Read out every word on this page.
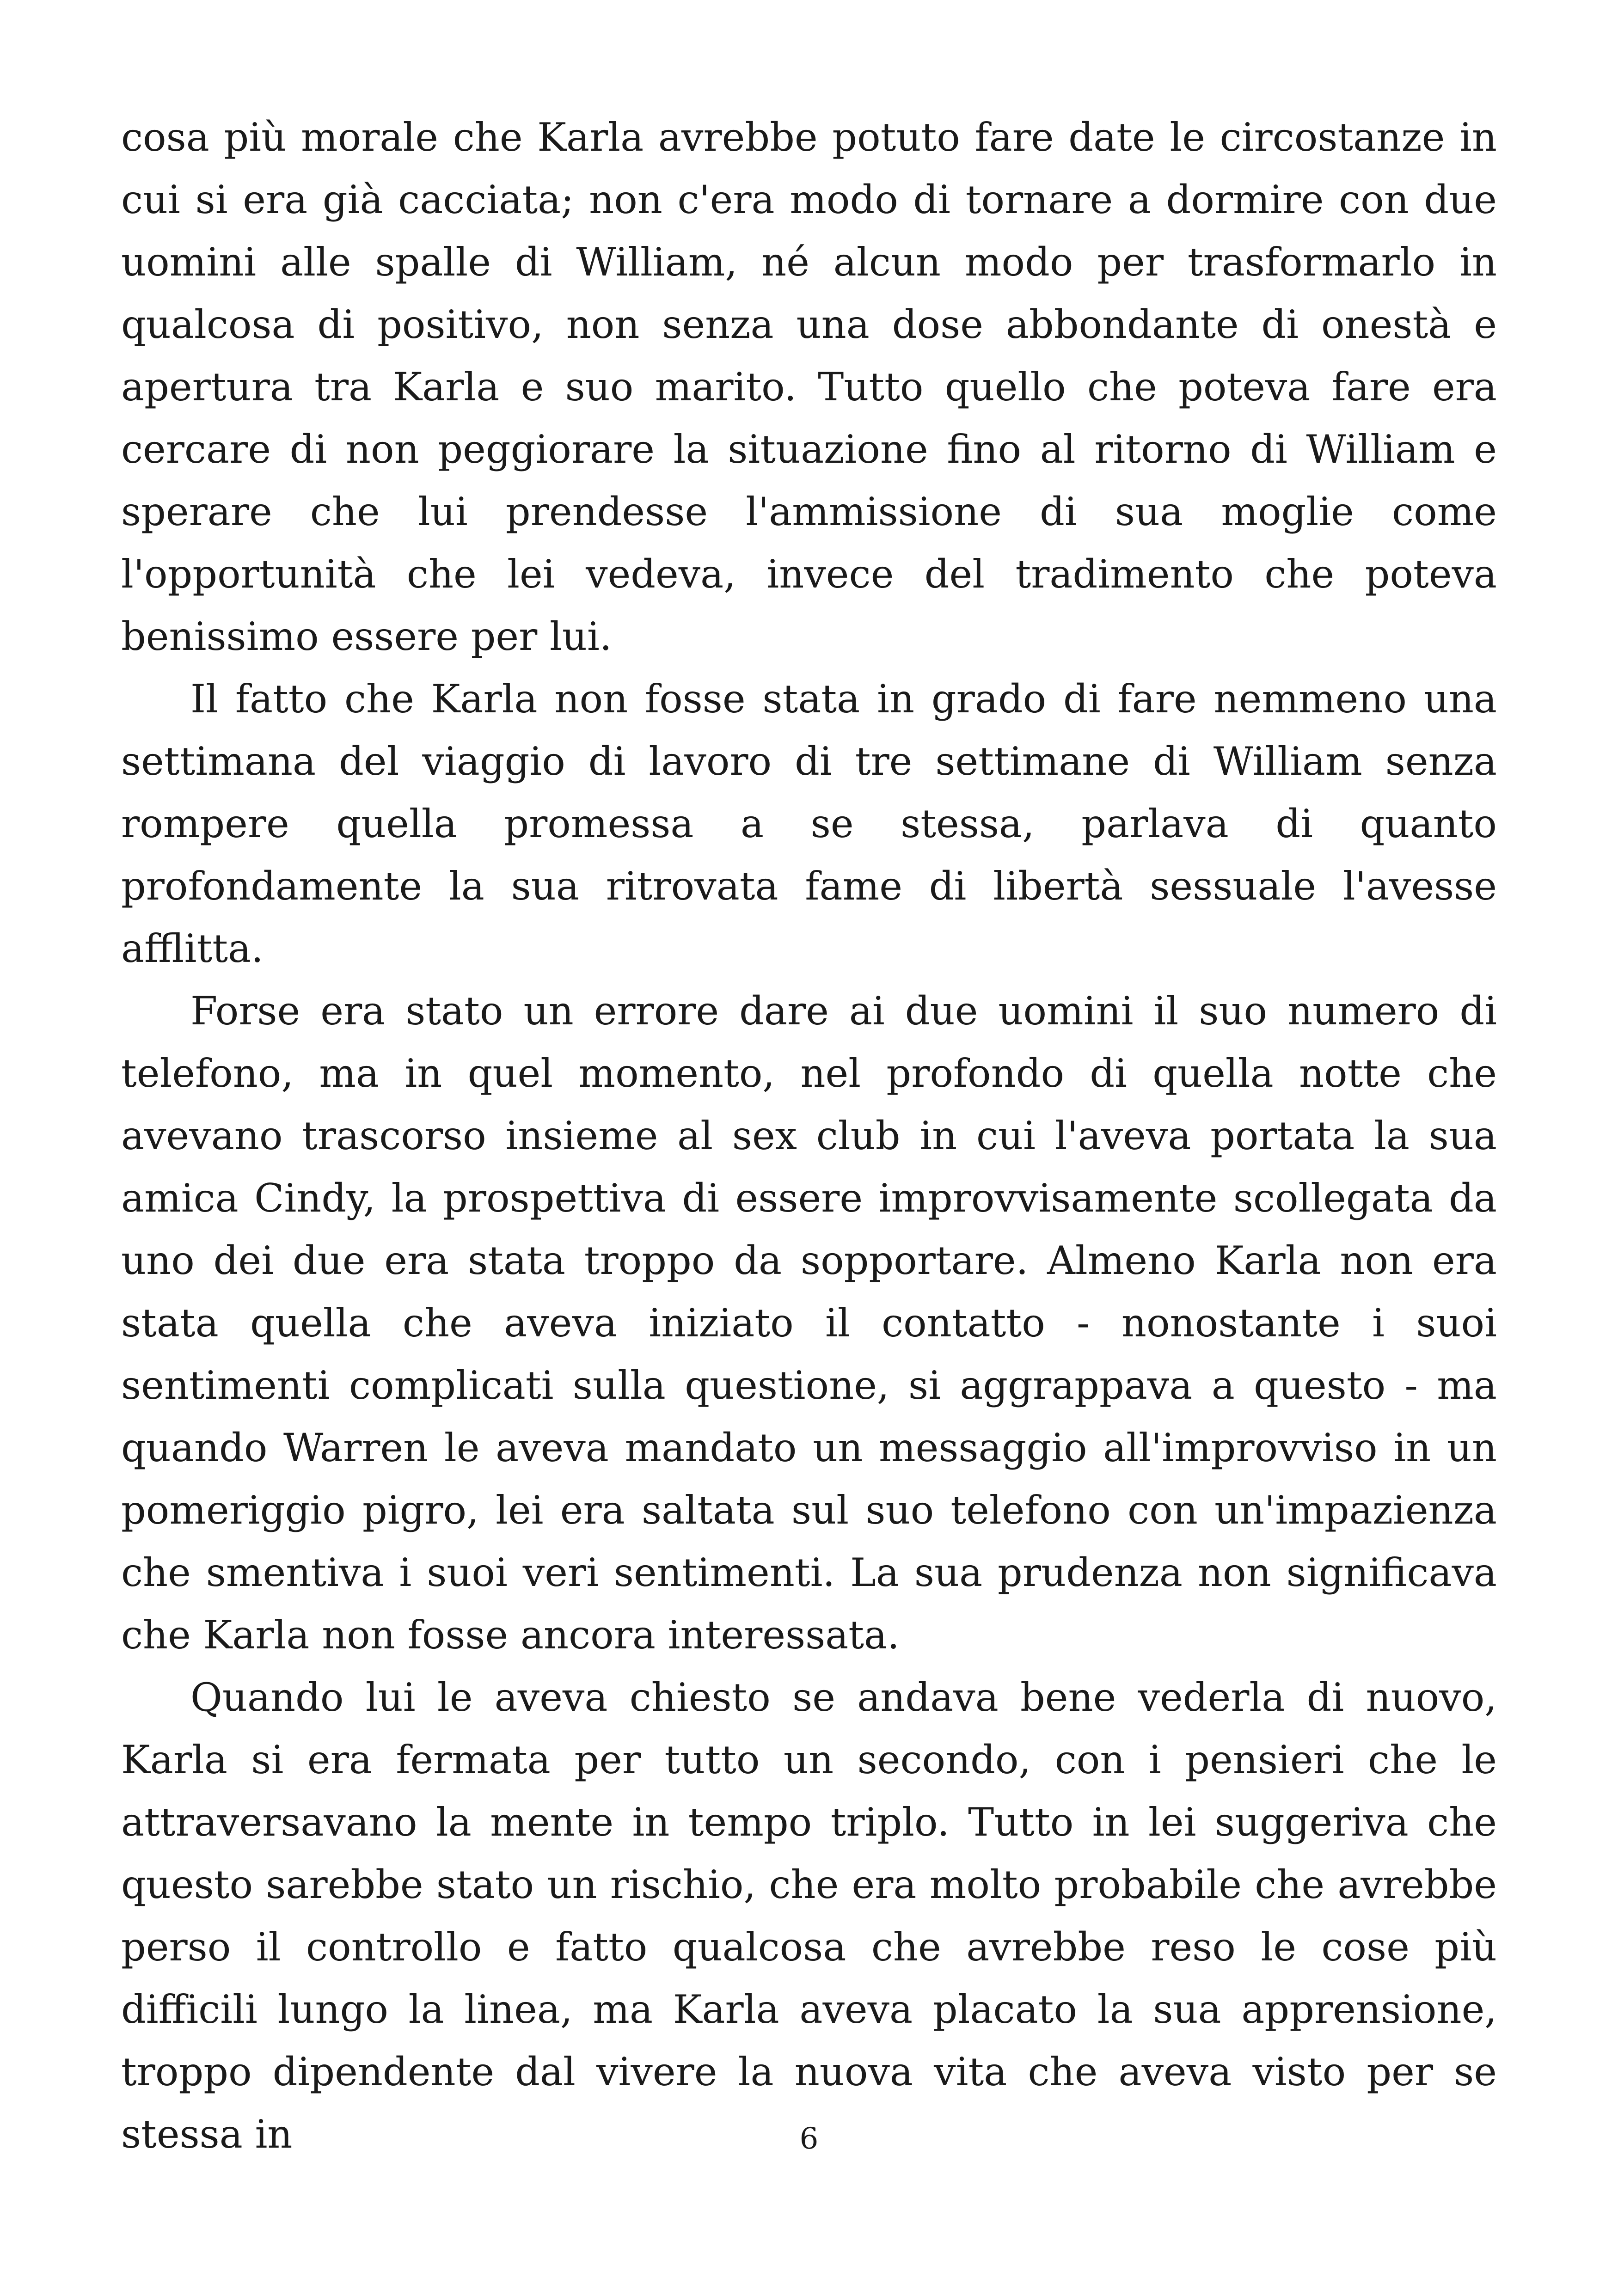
cosa più morale che Karla avrebbe potuto fare date le circostanze in cui si era già cacciata; non c'era modo di tornare a dormire con due uomini alle spalle di William, né alcun modo per trasformarlo in qualcosa di positivo, non senza una dose abbondante di onestà e apertura tra Karla e suo marito. Tutto quello che poteva fare era cercare di non peggiorare la situazione fino al ritorno di William e sperare che lui prendesse l'ammissione di sua moglie come l'opportunità che lei vedeva, invece del tradimento che poteva benissimo essere per lui.

Il fatto che Karla non fosse stata in grado di fare nemmeno una settimana del viaggio di lavoro di tre settimane di William senza rompere quella promessa a se stessa, parlava di quanto profondamente la sua ritrovata fame di libertà sessuale l'avesse afflitta.

Forse era stato un errore dare ai due uomini il suo numero di telefono, ma in quel momento, nel profondo di quella notte che avevano trascorso insieme al sex club in cui l'aveva portata la sua amica Cindy, la prospettiva di essere improvvisamente scollegata da uno dei due era stata troppo da sopportare. Almeno Karla non era stata quella che aveva iniziato il contatto - nonostante i suoi sentimenti complicati sulla questione, si aggrappava a questo - ma quando Warren le aveva mandato un messaggio all'improvviso in un pomeriggio pigro, lei era saltata sul suo telefono con un'impazienza che smentiva i suoi veri sentimenti. La sua prudenza non significava che Karla non fosse ancora interessata.

Quando lui le aveva chiesto se andava bene vederla di nuovo, Karla si era fermata per tutto un secondo, con i pensieri che le attraversavano la mente in tempo triplo. Tutto in lei suggeriva che questo sarebbe stato un rischio, che era molto probabile che avrebbe perso il controllo e fatto qualcosa che avrebbe reso le cose più difficili lungo la linea, ma Karla aveva placato la sua apprensione, troppo dipendente dal vivere la nuova vita che aveva visto per se stessa in	6
